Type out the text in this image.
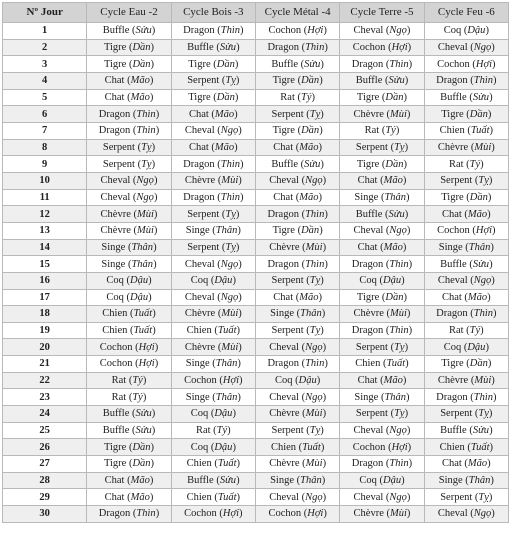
Nº Jour	Cycle Eau -2	Cycle Bois -3	Cycle Métal -4	Cycle Terre -5	Cycle Feu -6
1	Buffle (Sửu)	Dragon (Thìn)	Cochon (Hợi)	Cheval (Ngọ)	Coq (Dậu)
2	Tigre (Dần)	Buffle (Sửu)	Dragon (Thìn)	Cochon (Hợi)	Cheval (Ngọ)
3	Tigre (Dần)	Tigre (Dần)	Buffle (Sửu)	Dragon (Thìn)	Cochon (Hợi)
4	Chat (Mão)	Serpent (Tỵ)	Tigre (Dần)	Buffle (Sửu)	Dragon (Thìn)
5	Chat (Mão)	Tigre (Dần)	Rat (Tý)	Tigre (Dần)	Buffle (Sửu)
6	Dragon (Thìn)	Chat (Mão)	Serpent (Tỵ)	Chèvre (Mùi)	Tigre (Dần)
7	Dragon (Thìn)	Cheval (Ngọ)	Tigre (Dần)	Rat (Tý)	Chien (Tuất)
8	Serpent (Tỵ)	Chat (Mão)	Chat (Mão)	Serpent (Tỵ)	Chèvre (Mùi)
9	Serpent (Tỵ)	Dragon (Thìn)	Buffle (Sửu)	Tigre (Dần)	Rat (Tý)
10	Cheval (Ngọ)	Chèvre (Mùi)	Cheval (Ngọ)	Chat (Mão)	Serpent (Tỵ)
11	Cheval (Ngọ)	Dragon (Thìn)	Chat (Mão)	Singe (Thân)	Tigre (Dần)
12	Chèvre (Mùi)	Serpent (Tỵ)	Dragon (Thìn)	Buffle (Sửu)	Chat (Mão)
13	Chèvre (Mùi)	Singe (Thân)	Tigre (Dần)	Cheval (Ngọ)	Cochon (Hợi)
14	Singe (Thân)	Serpent (Tỵ)	Chèvre (Mùi)	Chat (Mão)	Singe (Thân)
15	Singe (Thân)	Cheval (Ngọ)	Dragon (Thìn)	Dragon (Thìn)	Buffle (Sửu)
16	Coq (Dậu)	Coq (Dậu)	Serpent (Tỵ)	Coq (Dậu)	Cheval (Ngọ)
17	Coq (Dậu)	Cheval (Ngọ)	Chat (Mão)	Tigre (Dần)	Chat (Mão)
18	Chien (Tuất)	Chèvre (Mùi)	Singe (Thân)	Chèvre (Mùi)	Dragon (Thìn)
19	Chien (Tuất)	Chien (Tuất)	Serpent (Tỵ)	Dragon (Thìn)	Rat (Tý)
20	Cochon (Hợi)	Chèvre (Mùi)	Cheval (Ngọ)	Serpent (Tỵ)	Coq (Dậu)
21	Cochon (Hợi)	Singe (Thân)	Dragon (Thìn)	Chien (Tuất)	Tigre (Dần)
22	Rat (Tý)	Cochon (Hợi)	Coq (Dậu)	Chat (Mão)	Chèvre (Mùi)
23	Rat (Tý)	Singe (Thân)	Cheval (Ngọ)	Singe (Thân)	Dragon (Thìn)
24	Buffle (Sửu)	Coq (Dậu)	Chèvre (Mùi)	Serpent (Tỵ)	Serpent (Tỵ)
25	Buffle (Sửu)	Rat (Tý)	Serpent (Tỵ)	Cheval (Ngọ)	Buffle (Sửu)
26	Tigre (Dần)	Coq (Dậu)	Chien (Tuất)	Cochon (Hợi)	Chien (Tuất)
27	Tigre (Dần)	Chien (Tuất)	Chèvre (Mùi)	Dragon (Thìn)	Chat (Mão)
28	Chat (Mão)	Buffle (Sửu)	Singe (Thân)	Coq (Dậu)	Singe (Thân)
29	Chat (Mão)	Chien (Tuất)	Cheval (Ngọ)	Cheval (Ngọ)	Serpent (Tỵ)
30	Dragon (Thìn)	Cochon (Hợi)	Cochon (Hợi)	Chèvre (Mùi)	Cheval (Ngọ)
